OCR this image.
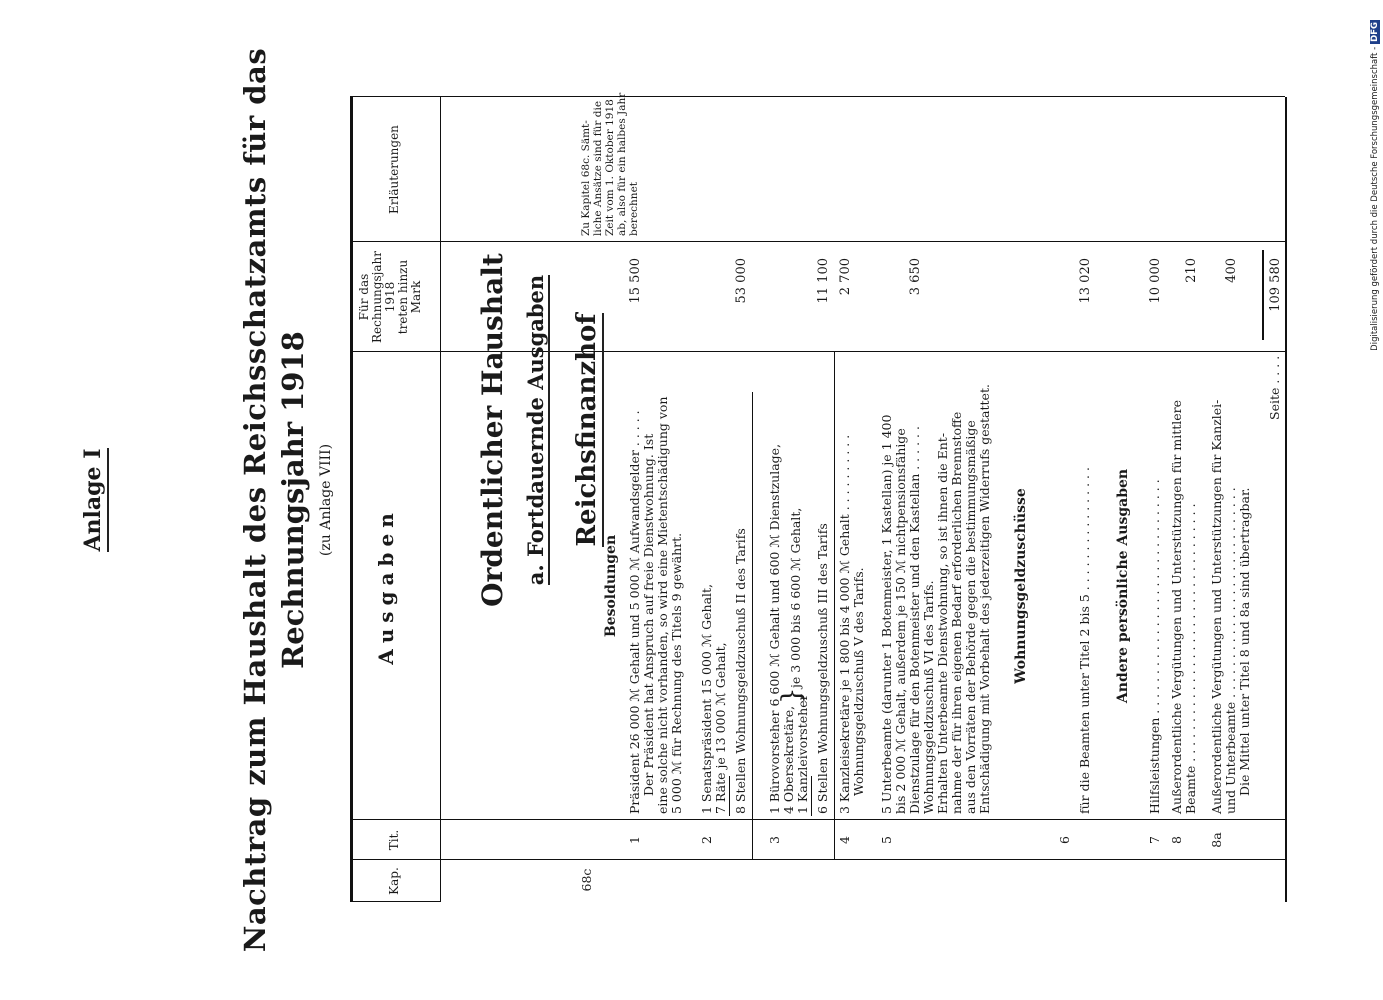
Anlage I	Nachtrag zum Haushalt des Reichsschatzamts für das Rechnungsjahr 1918 (zu Anlage VIII)
Kap.
Tit.
Ausgaben
Für das Rechnungsjahr 1918 treten hinzu Mark
Erläuterungen
Ordentlicher Haushalt a. Fortdauernde Ausgaben Reichsfinanzhof
Besoldungen
68c
1
Präsident 26 000 ℳ Gehalt und 5 000 ℳ Aufwandsgelder . . . . . Der Präsident hat Anspruch auf freie Dienstwohnung. Ist eine solche nicht vorhanden, so wird eine Mietentschädigung von 5 000 ℳ für Rechnung des Titels 9 gewährt.
15 500
2
1 Senatspräsident 15 000 ℳ Gehalt, 7 Räte je 13 000 ℳ Gehalt, 8 Stellen Wohnungsgeldzuschuß II des Tarifs
53 000
3
1 Bürovorsteher 6 600 ℳ Gehalt und 600 ℳ Dienstzulage, 4 Obersekretäre, 1 Kanzleivorsteher
}
je 3 000 bis 6 600 ℳ Gehalt, 6 Stellen Wohnungsgeldzuschuß III des Tarifs
11 100
4
3 Kanzleisekretäre je 1 800 bis 4 000 ℳ Gehalt . . . . . . . . . . Wohnungsgeldzuschuß V des Tarifs.
2 700
5
5 Unterbeamte (darunter 1 Botenmeister, 1 Kastellan) je 1 400 bis 2 000 ℳ Gehalt, außerdem je 150 ℳ nichtpensionsfähige Dienstzulage für den Botenmeister und den Kastellan . . . . . . Wohnungsgeldzuschuß VI des Tarifs. Erhalten Unterbeamte Dienstwohnung, so ist ihnen die Ent- nahme der für ihren eigenen Bedarf erforderlichen Brennstoffe aus den Vorräten der Behörde gegen die bestimmungsmäßige Entschädigung mit Vorbehalt des jederzeitigen Widerrufs gestattet.
3 650
Wohnungsgeldzuschüsse
6
für die Beamten unter Titel 2 bis 5 . . . . . . . . . . . . . . . .
13 020
Andere persönliche Ausgaben
7
Hilfsleistungen . . . . . . . . . . . . . . . . . . . . . . . . . . . . . .
10 000
8
Außerordentliche Vergütungen und Unterstützungen für mittlere Beamte . . . . . . . . . . . . . . . . . . . . . . . . . . . . . . . . .
210
8a
Außerordentliche Vergütungen und Unterstützungen für Kanzlei- und Unterbeamte . . . . . . . . . . . . . . . . . . . . . . . . . . . Die Mittel unter Titel 8 und 8a sind übertragbar.
400
Seite . . . .
109 580
Zu Kapitel 68c. Sämt- liche Ansätze sind für die Zeit vom 1. Oktober 1918 ab, also für ein halbes Jahr berechnet	Digitalisierung gefördert durch die Deutsche Forschungsgemeinschaft -DFG
